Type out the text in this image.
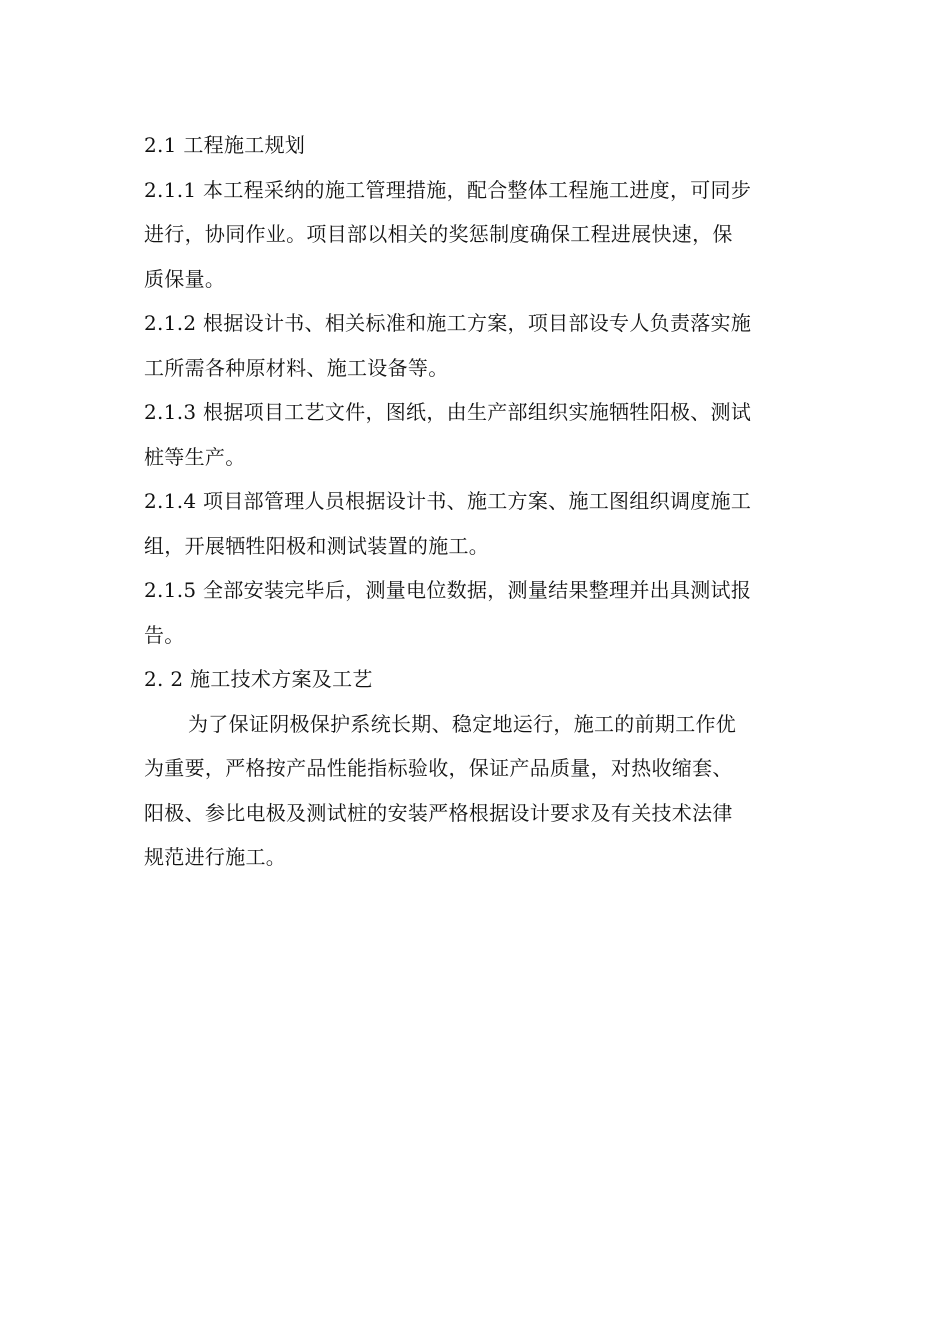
2.1 工程施工规划
2.1.1 本工程采纳的施工管理措施，配合整体工程施工进度，可同步
进行，协同作业。项目部以相关的奖惩制度确保工程进展快速，保
质保量。
2.1.2 根据设计书、相关标准和施工方案，项目部设专人负责落实施
工所需各种原材料、施工设备等。
2.1.3 根据项目工艺文件，图纸，由生产部组织实施牺牲阳极、测试
桩等生产。
2.1.4 项目部管理人员根据设计书、施工方案、施工图组织调度施工
组，开展牺牲阳极和测试装置的施工。
2.1.5 全部安装完毕后，测量电位数据，测量结果整理并出具测试报
告。
2. 2 施工技术方案及工艺
为了保证阴极保护系统长期、稳定地运行，施工的前期工作优
为重要，严格按产品性能指标验收，保证产品质量，对热收缩套、
阳极、参比电极及测试桩的安装严格根据设计要求及有关技术法律
规范进行施工。
